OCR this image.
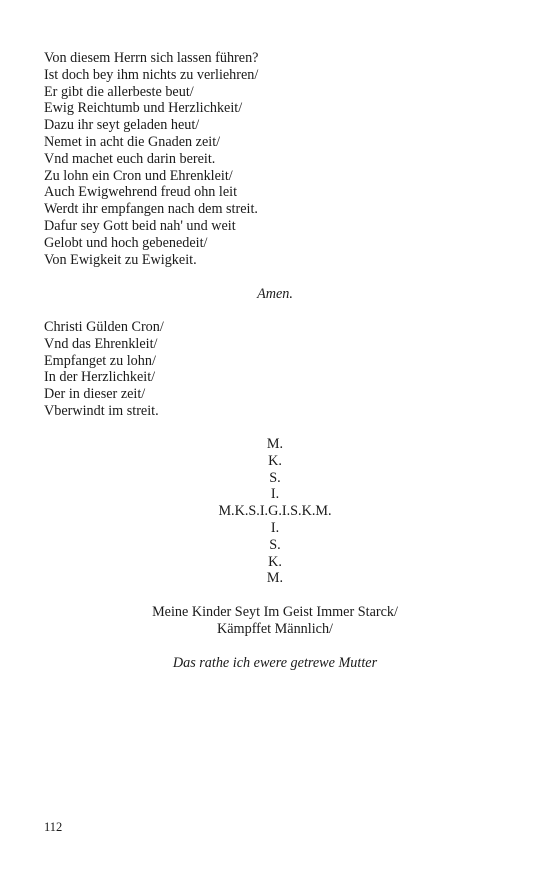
Von diesem Herrn sich lassen führen?
Ist doch bey ihm nichts zu verliehren/
Er gibt die allerbeste beut/
Ewig Reichtumb und Herzlichkeit/
Dazu ihr seyt geladen heut/
Nemet in acht die Gnaden zeit/
Vnd machet euch darin bereit.
Zu lohn ein Cron und Ehrenkleit/
Auch Ewigwehrend freud ohn leit
Werdt ihr empfangen nach dem streit.
Dafur sey Gott beid nah' und weit
Gelobt und hoch gebenedeit/
Von Ewigkeit zu Ewigkeit.
Amen.
Christi Gülden Cron/
Vnd das Ehrenkleit/
Empfanget zu lohn/
In der Herzlichkeit/
Der in dieser zeit/
Vberwindt im streit.
M.
K.
S.
I.
M.K.S.I.G.I.S.K.M.
I.
S.
K.
M.
Meine Kinder Seyt Im Geist Immer Starck/
Kämpffet Männlich/
Das rathe ich ewere getrewe Mutter
112
